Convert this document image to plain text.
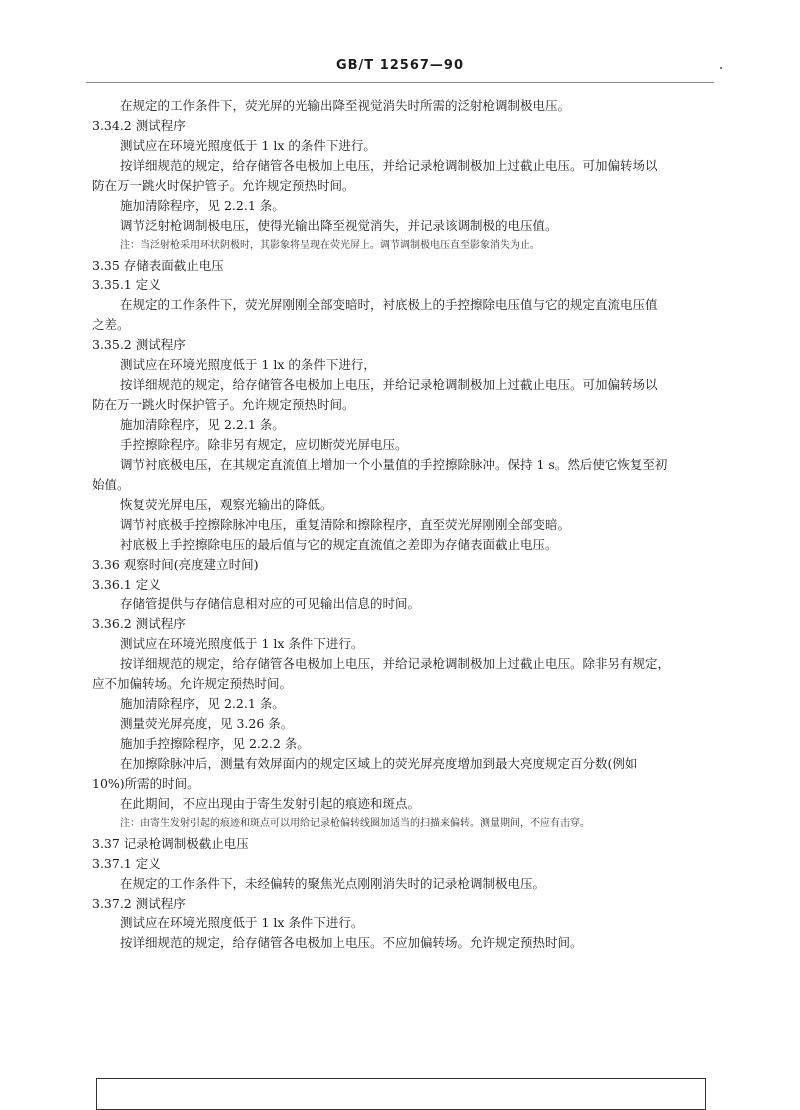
GB/T 12567—90
在规定的工作条件下，荧光屏的光输出降至视觉消失时所需的泛射枪调制极电压。
3.34.2 测试程序
测试应在环境光照度低于 1 lx 的条件下进行。
按详细规范的规定，给存储管各电极加上电压，并给记录枪调制极加上过截止电压。可加偏转场以
防在万一跳火时保护管子。允许规定预热时间。
施加清除程序，见 2.2.1 条。
调节泛射枪调制极电压，使得光输出降至视觉消失，并记录该调制极的电压值。
注：当泛射枪采用环状阴极时，其影象将呈现在荧光屏上。调节调制极电压直至影象消失为止。
3.35 存储表面截止电压
3.35.1 定义
在规定的工作条件下，荧光屏刚刚全部变暗时，衬底极上的手控擦除电压值与它的规定直流电压值
之差。
3.35.2 测试程序
测试应在环境光照度低于 1 lx 的条件下进行，
按详细规范的规定，给存储管各电极加上电压，并给记录枪调制极加上过截止电压。可加偏转场以
防在万一跳火时保护管子。允许规定预热时间。
施加清除程序，见 2.2.1 条。
手控擦除程序。除非另有规定，应切断荧光屏电压。
调节衬底极电压，在其规定直流值上增加一个小量值的手控擦除脉冲。保持 1 s。然后使它恢复至初
始值。
恢复荧光屏电压，观察光输出的降低。
调节衬底极手控擦除脉冲电压，重复清除和擦除程序，直至荧光屏刚刚全部变暗。
衬底极上手控擦除电压的最后值与它的规定直流值之差即为存储表面截止电压。
3.36 观察时间(亮度建立时间)
3.36.1 定义
存储管提供与存储信息相对应的可见输出信息的时间。
3.36.2 测试程序
测试应在环境光照度低于 1 lx 条件下进行。
按详细规范的规定，给存储管各电极加上电压，并给记录枪调制极加上过截止电压。除非另有规定，
应不加偏转场。允许规定预热时间。
施加清除程序，见 2.2.1 条。
测量荧光屏亮度，见 3.26 条。
施加手控擦除程序，见 2.2.2 条。
在加擦除脉冲后，测量有效屏面内的规定区域上的荧光屏亮度增加到最大亮度规定百分数(例如
10%)所需的时间。
在此期间，不应出现由于寄生发射引起的痕迹和斑点。
注：由寄生发射引起的痕迹和斑点可以用给记录枪偏转线圈加适当的扫描来偏转。测量期间，不应有击穿。
3.37 记录枪调制极截止电压
3.37.1 定义
在规定的工作条件下，未经偏转的聚焦光点刚刚消失时的记录枪调制极电压。
3.37.2 测试程序
测试应在环境光照度低于 1 lx 条件下进行。
按详细规范的规定，给存储管各电极加上电压。不应加偏转场。允许规定预热时间。
